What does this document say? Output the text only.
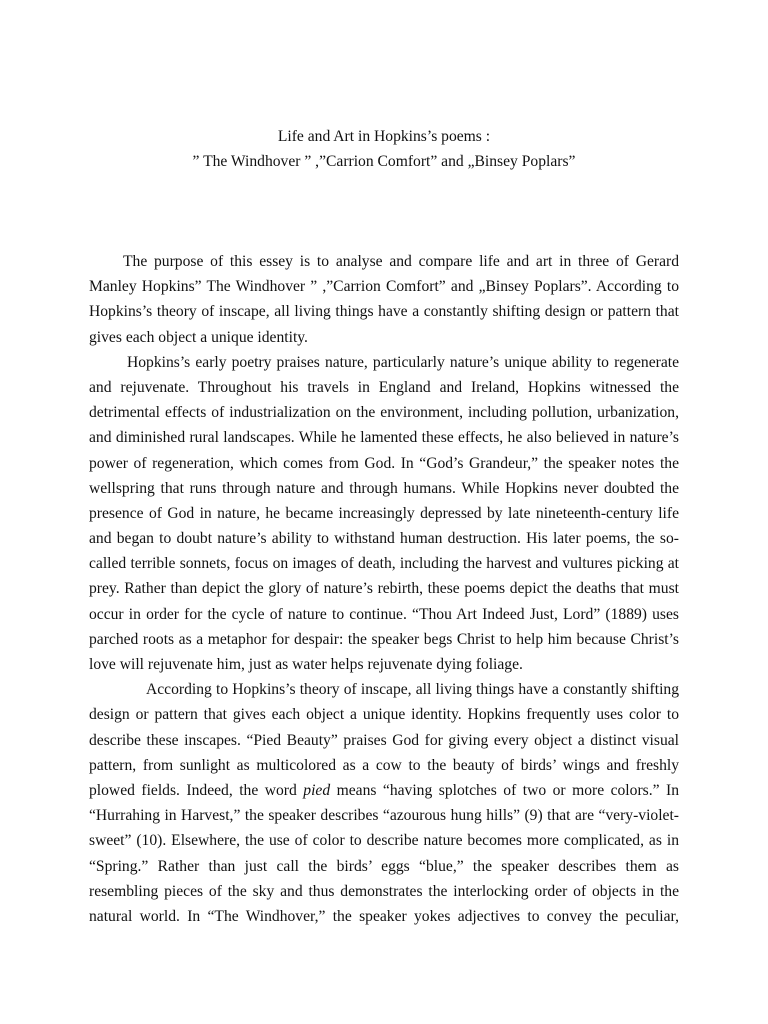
Life and Art in Hopkins’s poems :
” The Windhover ” ,”Carrion Comfort” and „Binsey Poplars”
The purpose of this essey is to analyse and compare life and art in three of Gerard
Manley Hopkins” The Windhover ” ,”Carrion Comfort” and „Binsey Poplars”. According to
Hopkins’s theory of inscape, all living things have a constantly shifting design or pattern that
gives each object a unique identity.
Hopkins’s early poetry praises nature, particularly nature’s unique ability to regenerate
and rejuvenate. Throughout his travels in England and Ireland, Hopkins witnessed the
detrimental effects of industrialization on the environment, including pollution, urbanization,
and diminished rural landscapes. While he lamented these effects, he also believed in nature’s
power of regeneration, which comes from God. In “God’s Grandeur,” the speaker notes the
wellspring that runs through nature and through humans. While Hopkins never doubted the
presence of God in nature, he became increasingly depressed by late nineteenth-century life
and began to doubt nature’s ability to withstand human destruction. His later poems, the so-
called terrible sonnets, focus on images of death, including the harvest and vultures picking at
prey. Rather than depict the glory of nature’s rebirth, these poems depict the deaths that must
occur in order for the cycle of nature to continue. “Thou Art Indeed Just, Lord” (1889) uses
parched roots as a metaphor for despair: the speaker begs Christ to help him because Christ’s
love will rejuvenate him, just as water helps rejuvenate dying foliage.
According to Hopkins’s theory of inscape, all living things have a constantly shifting
design or pattern that gives each object a unique identity. Hopkins frequently uses color to
describe these inscapes. “Pied Beauty” praises God for giving every object a distinct visual
pattern, from sunlight as multicolored as a cow to the beauty of birds’ wings and freshly
plowed fields. Indeed, the word pied means “having splotches of two or more colors.” In
“Hurrahing in Harvest,” the speaker describes “azourous hung hills” (9) that are “very-violet-
sweet” (10). Elsewhere, the use of color to describe nature becomes more complicated, as in
“Spring.” Rather than just call the birds’ eggs “blue,” the speaker describes them as
resembling pieces of the sky and thus demonstrates the interlocking order of objects in the
natural world. In “The Windhover,” the speaker yokes adjectives to convey the peculiar,
